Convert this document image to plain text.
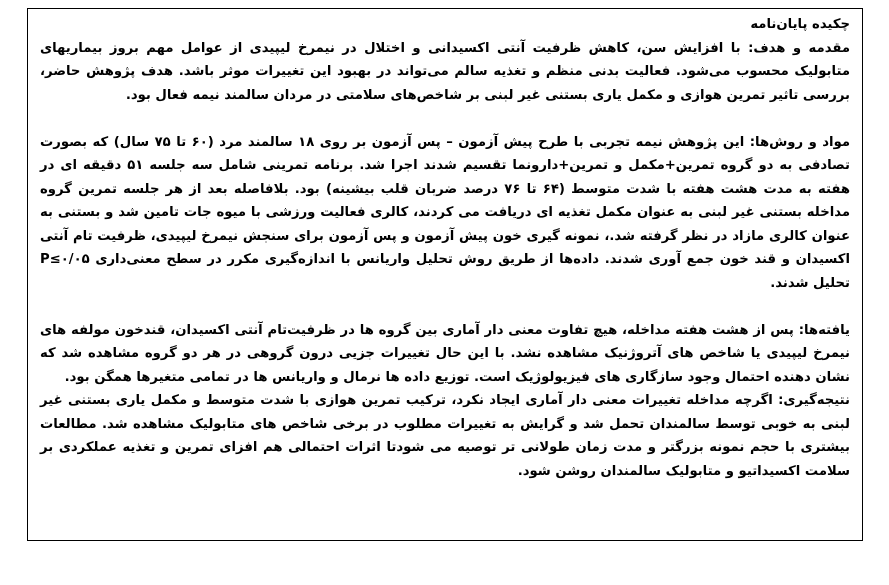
چکیده پایان‌نامه

مقدمه و هدف: با افزایش سن، کاهش ظرفیت آنتی اکسیدانی و اختلال در نیمرخ لیپیدی از عوامل مهم بروز بیماریهای متابولیک محسوب می‌شود. فعالیت بدنی منظم و تغذیه سالم می‌تواند در بهبود این تغییرات موثر باشد. هدف پژوهش حاضر، بررسی تاثیر تمرین هوازی و مکمل یاری بستنی غیر لبنی بر شاخص‌های سلامتی در مردان سالمند نیمه فعال بود.

مواد و روش‌ها: این پژوهش نیمه تجربی با طرح پیش آزمون – پس آزمون بر روی ۱۸ سالمند مرد (۶۰ تا ۷۵ سال) که بصورت تصادفی به دو گروه تمرین+مکمل و تمرین+دارونما تقسیم شدند اجرا شد. برنامه تمرینی شامل سه جلسه ۵۱ دقیقه ای در هفته به مدت هشت هفته با شدت متوسط (۶۴ تا ۷۶ درصد ضربان قلب بیشینه) بود. بلافاصله بعد از هر جلسه تمرین گروه مداخله بستنی غیر لبنی به عنوان مکمل تغذیه ای دریافت می کردند، کالری فعالیت ورزشی با میوه جات تامین شد و بستنی به عنوان کالری مازاد در نظر گرفته شد.، نمونه گیری خون پیش آزمون و پس آزمون برای سنجش نیمرخ لیپیدی، ظرفیت تام آنتی اکسیدان و قند خون جمع آوری شدند. داده‌ها از طریق روش تحلیل واریانس با اندازه‌گیری مکرر در سطح معنی‌داری P≤۰/۰۵ تحلیل شدند.

یافته‌ها: پس از هشت هفته مداخله، هیچ تفاوت معنی دار آماری بین گروه ها در ظرفیت‌تام آنتی اکسیدان، قندخون مولفه های نیمرخ لیپیدی یا شاخص های آتروژنیک مشاهده نشد. با این حال تغییرات جزیی درون گروهی در هر دو گروه مشاهده شد که نشان دهنده احتمال وجود سازگاری های فیزیولوژیک است. توزیع داده ها نرمال و واریانس ها در تمامی متغیرها همگن بود.

نتیجه‌گیری: اگرچه مداخله تغییرات معنی دار آماری ایجاد نکرد، ترکیب تمرین هوازی با شدت متوسط و مکمل یاری بستنی غیر لبنی به خوبی توسط سالمندان تحمل شد و گرایش به تغییرات مطلوب در برخی شاخص های متابولیک مشاهده شد. مطالعات بیشتری با حجم نمونه بزرگتر و مدت زمان طولانی تر توصیه می شود‌تا اثرات احتمالی هم افزای تمرین و تغذیه عملکردی بر سلامت اکسیداتیو و متابولیک سالمندان روشن شود.
